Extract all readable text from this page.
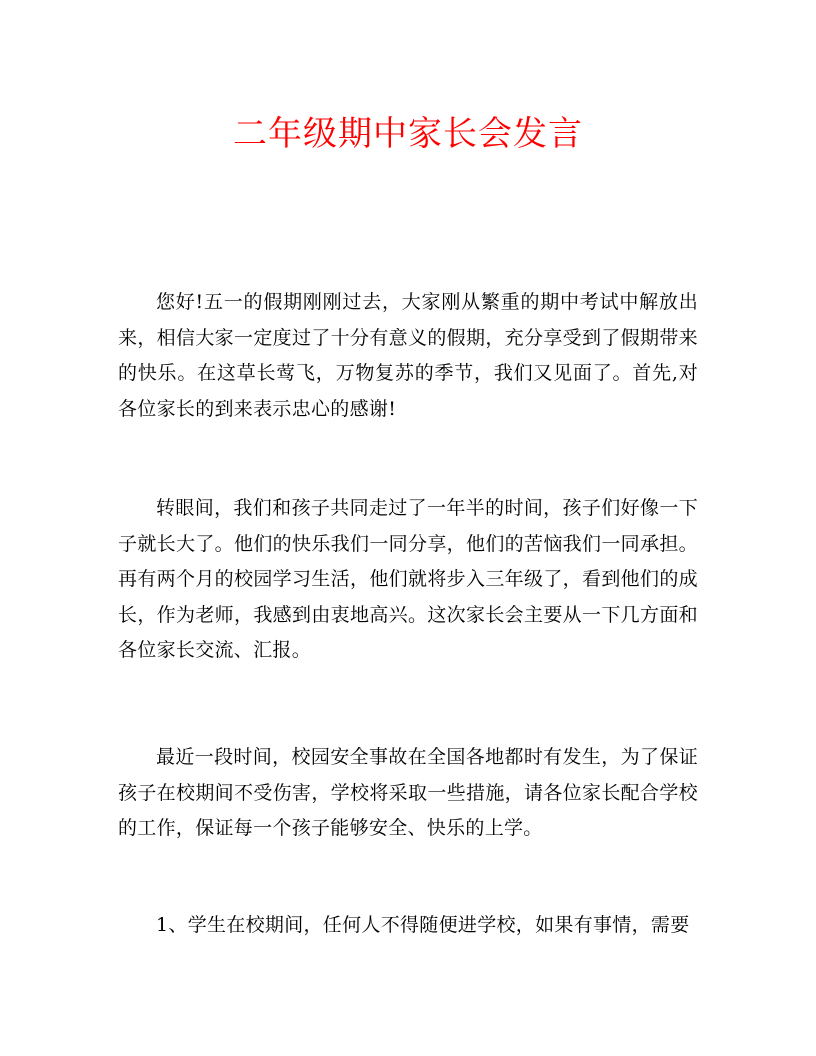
二年级期中家长会发言

您好!五一的假期刚刚过去，大家刚从繁重的期中考试中解放出来，相信大家一定度过了十分有意义的假期，充分享受到了假期带来的快乐。在这草长莺飞，万物复苏的季节，我们又见面了。首先,对各位家长的到来表示忠心的感谢!

转眼间，我们和孩子共同走过了一年半的时间，孩子们好像一下子就长大了。他们的快乐我们一同分享，他们的苦恼我们一同承担。再有两个月的校园学习生活，他们就将步入三年级了，看到他们的成长，作为老师，我感到由衷地高兴。这次家长会主要从一下几方面和各位家长交流、汇报。

最近一段时间，校园安全事故在全国各地都时有发生，为了保证孩子在校期间不受伤害，学校将采取一些措施，请各位家长配合学校的工作，保证每一个孩子能够安全、快乐的上学。

1、学生在校期间，任何人不得随便进学校，如果有事情，需要
